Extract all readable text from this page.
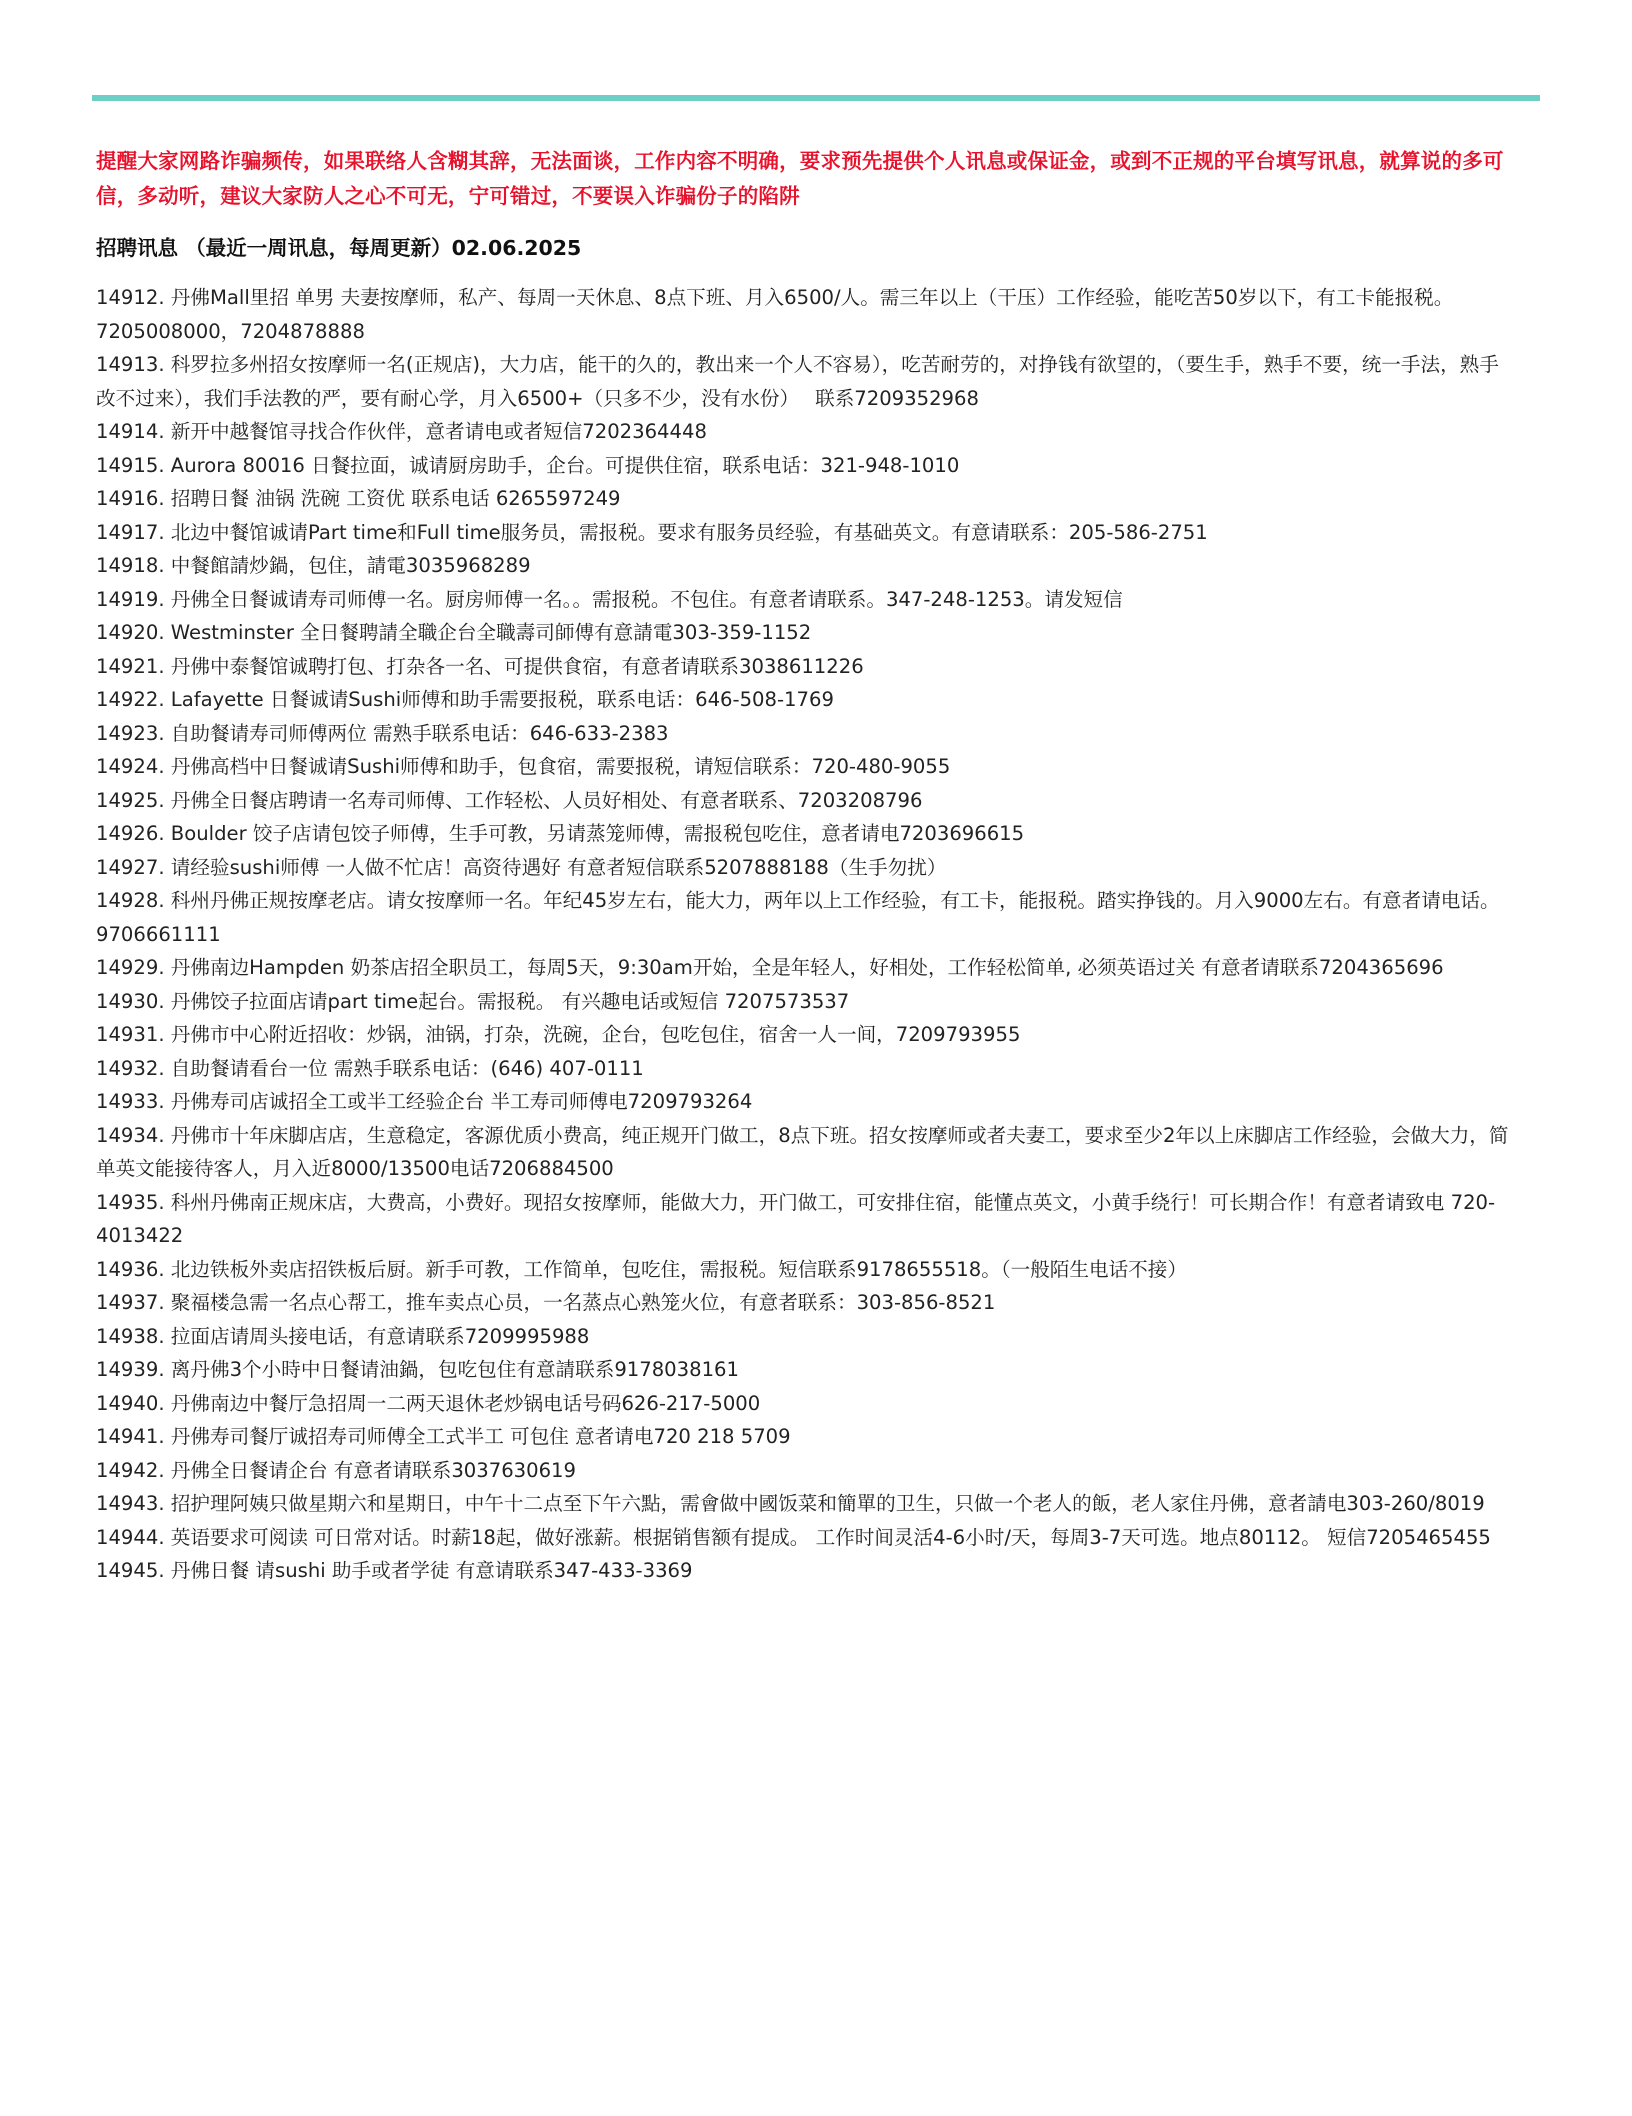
提醒大家网路诈骗频传，如果联络人含糊其辞，无法面谈，工作内容不明确，要求预先提供个人讯息或保证金，或到不正规的平台填写讯息，就算说的多可信，多动听，建议大家防人之心不可无，宁可错过，不要误入诈骗份子的陷阱

招聘讯息 （最近一周讯息，每周更新）02.06.2025
14912. 丹佛Mall里招 单男 夫妻按摩师，私产、每周一天休息、8点下班、月入6500/人。需三年以上（干压）工作经验，能吃苦50岁以下，有工卡能报税。7205008000，7204878888
14913. 科罗拉多州招女按摩师一名(正规店)，大力店，能干的久的，教出来一个人不容易），吃苦耐劳的，对挣钱有欲望的，（要生手，熟手不要，统一手法，熟手改不过来），我们手法教的严，要有耐心学，月入6500+（只多不少，没有水份）　 联系7209352968
14914. 新开中越餐馆寻找合作伙伴，意者请电或者短信7202364448
14915. Aurora 80016 日餐拉面，诚请厨房助手，企台。可提供住宿，联系电话：321-948-1010
14916. 招聘日餐 油锅 洗碗 工资优 联系电话 6265597249
14917. 北边中餐馆诚请Part time和Full time服务员，需报税。要求有服务员经验，有基础英文。有意请联系：205-586-2751
14918. 中餐館請炒鍋，包住，請電3035968289
14919. 丹佛全日餐诚请寿司师傅一名。厨房师傅一名。。需报税。不包住。有意者请联系。347-248-1253。请发短信
14920. Westminster 全日餐聘請全職企台全職壽司師傅有意請電303-359-1152
14921. 丹佛中泰餐馆诚聘打包、打杂各一名、可提供食宿，有意者请联系3038611226
14922. Lafayette 日餐诚请Sushi师傅和助手需要报税，联系电话：646-508-1769
14923. 自助餐请寿司师傅两位 需熟手联系电话：646-633-2383
14924. 丹佛高档中日餐诚请Sushi师傅和助手，包食宿，需要报税，请短信联系：720-480-9055
14925. 丹佛全日餐店聘请一名寿司师傅、工作轻松、人员好相处、有意者联系、7203208796
14926. Boulder 饺子店请包饺子师傅，生手可教，另请蒸笼师傅，需报税包吃住，意者请电7203696615
14927. 请经验sushi师傅 一人做不忙店！高资待遇好 有意者短信联系5207888188（生手勿扰）
14928. 科州丹佛正规按摩老店。请女按摩师一名。年纪45岁左右，能大力，两年以上工作经验，有工卡，能报税。踏实挣钱的。月入9000左右。有意者请电话。9706661111
14929. 丹佛南边Hampden 奶茶店招全职员工，每周5天，9:30am开始，全是年轻人，好相处，工作轻松简单, 必须英语过关 有意者请联系7204365696
14930. 丹佛饺子拉面店请part time起台。需报税。 有兴趣电话或短信 7207573537
14931. 丹佛市中心附近招收：炒锅，油锅，打杂，洗碗，企台，包吃包住，宿舍一人一间，7209793955
14932. 自助餐请看台一位 需熟手联系电话：(646) 407-0111
14933. 丹佛寿司店诚招全工或半工经验企台 半工寿司师傅电7209793264
14934. 丹佛市十年床脚店店，生意稳定，客源优质小费高，纯正规开门做工，8点下班。招女按摩师或者夫妻工，要求至少2年以上床脚店工作经验，会做大力，简单英文能接待客人，月入近8000/13500电话7206884500
14935. 科州丹佛南正规床店，大费高，小费好。现招女按摩师，能做大力，开门做工，可安排住宿，能懂点英文，小黄手绕行！可长期合作！有意者请致电 720-4013422
14936. 北边铁板外卖店招铁板后厨。新手可教，工作简单，包吃住，需报税。短信联系9178655518。（一般陌生电话不接）
14937. 聚福楼急需一名点心帮工，推车卖点心员，一名蒸点心熟笼火位，有意者联系：303-856-8521
14938. 拉面店请周头接电话，有意请联系7209995988
14939. 离丹佛3个小時中日餐请油鍋，包吃包住有意請联系9178038161
14940. 丹佛南边中餐厅急招周一二两天退休老炒锅电话号码626-217-5000
14941. 丹佛寿司餐厅诚招寿司师傅全工式半工 可包住 意者请电720 218 5709
14942. 丹佛全日餐请企台 有意者请联系3037630619
14943. 招护理阿姨只做星期六和星期日，中午十二点至下午六點，需會做中國饭菜和簡單的卫生，只做一个老人的飯，老人家住丹佛，意者請电303-260/8019
14944. 英语要求可阅读 可日常对话。时薪18起，做好涨薪。根据销售额有提成。 工作时间灵活4-6小时/天，每周3-7天可选。地点80112。 短信7205465455
14945. 丹佛日餐 请sushi 助手或者学徒 有意请联系347-433-3369
